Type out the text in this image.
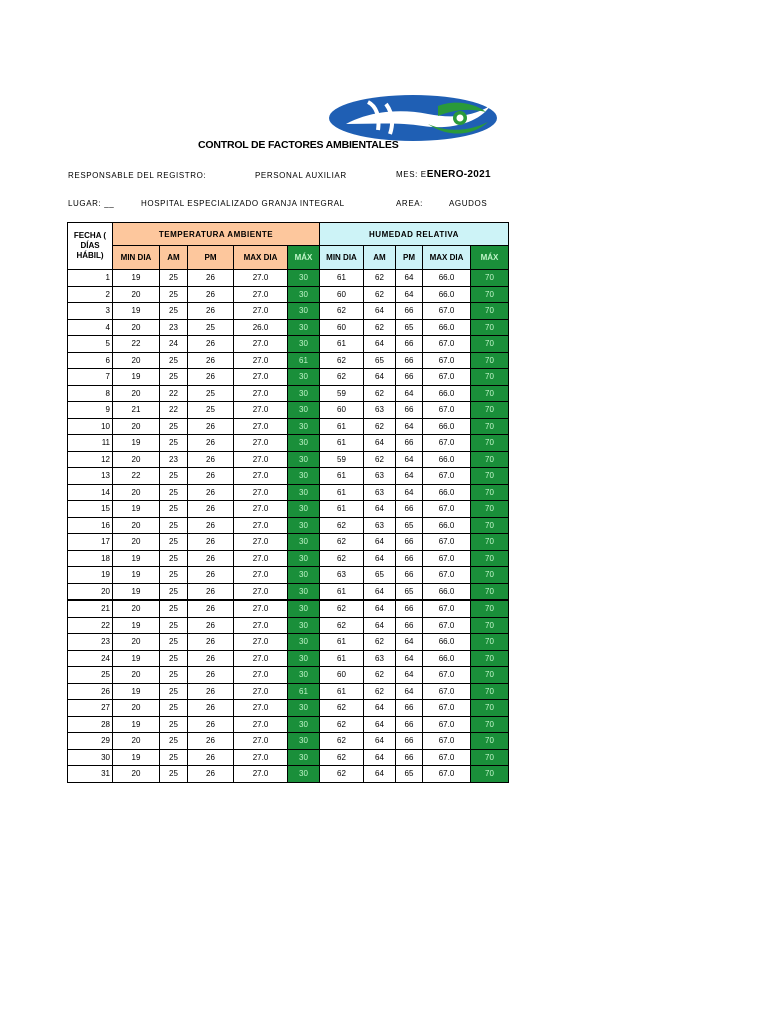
CONTROL DE FACTORES AMBIENTALES
RESPONSABLE DEL REGISTRO:	PERSONAL AUXILIAR	MES: EENERO-2021
LUGAR: __	HOSPITAL ESPECIALIZADO GRANJA INTEGRAL	AREA:	AGUDOS
FECHA ( DÍAS HÁBIL)	TEMPERATURA AMBIENTE					HUMEDAD RELATIVA				
	MIN DIA	AM	PM	MAX DIA	MÁX	MIN DIA	AM	PM	MAX DIA	MÁX
1	19	25	26	27.0	30	61	62	64	66.0	70
2	20	25	26	27.0	30	60	62	64	66.0	70
3	19	25	26	27.0	30	62	64	66	67.0	70
4	20	23	25	26.0	30	60	62	65	66.0	70
5	22	24	26	27.0	30	61	64	66	67.0	70
6	20	25	26	27.0	61	62	65	66	67.0	70
7	19	25	26	27.0	30	62	64	66	67.0	70
8	20	22	25	27.0	30	59	62	64	66.0	70
9	21	22	25	27.0	30	60	63	66	67.0	70
10	20	25	26	27.0	30	61	62	64	66.0	70
11	19	25	26	27.0	30	61	64	66	67.0	70
12	20	23	26	27.0	30	59	62	64	66.0	70
13	22	25	26	27.0	30	61	63	64	67.0	70
14	20	25	26	27.0	30	61	63	64	66.0	70
15	19	25	26	27.0	30	61	64	66	67.0	70
16	20	25	26	27.0	30	62	63	65	66.0	70
17	20	25	26	27.0	30	62	64	66	67.0	70
18	19	25	26	27.0	30	62	64	66	67.0	70
19	19	25	26	27.0	30	63	65	66	67.0	70
20	19	25	26	27.0	30	61	64	65	66.0	70
21	20	25	26	27.0	30	62	64	66	67.0	70
22	19	25	26	27.0	30	62	64	66	67.0	70
23	20	25	26	27.0	30	61	62	64	66.0	70
24	19	25	26	27.0	30	61	63	64	66.0	70
25	20	25	26	27.0	30	60	62	64	67.0	70
26	19	25	26	27.0	61	61	62	64	67.0	70
27	20	25	26	27.0	30	62	64	66	67.0	70
28	19	25	26	27.0	30	62	64	66	67.0	70
29	20	25	26	27.0	30	62	64	66	67.0	70
30	19	25	26	27.0	30	62	64	66	67.0	70
31	20	25	26	27.0	30	62	64	65	67.0	70
